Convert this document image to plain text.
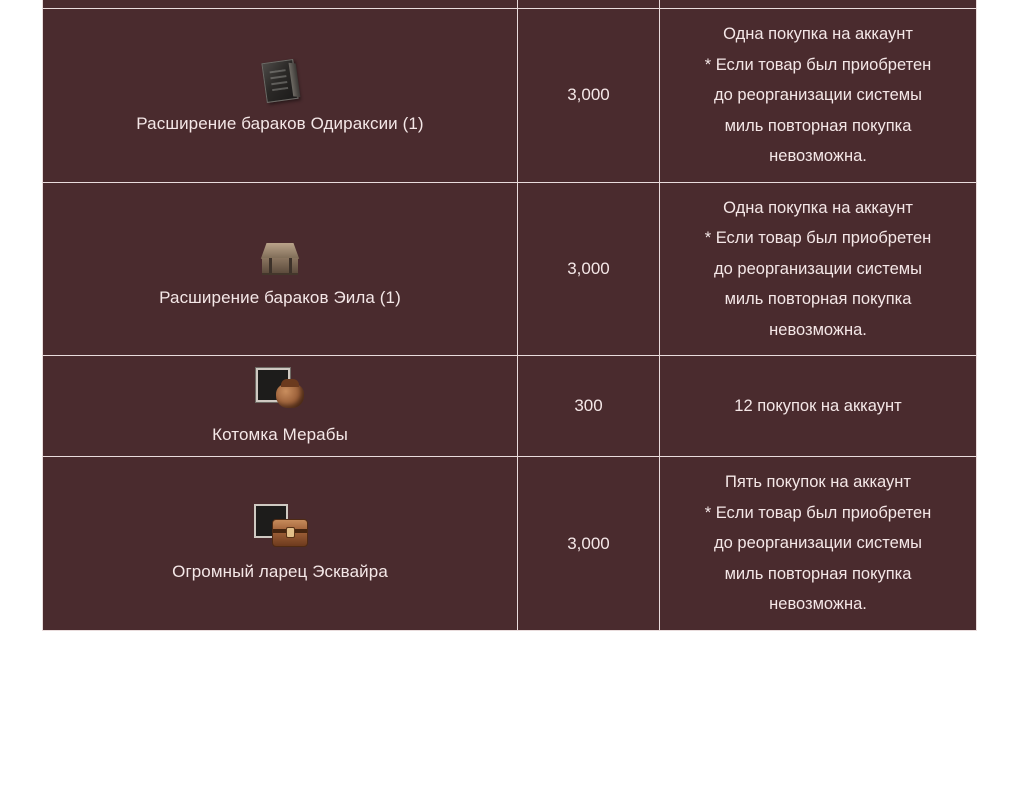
Расширение бараков Одираксии (1)	3,000	Одна покупка на аккаунт
* Если товар был приобретен
до реорганизации системы
миль повторная покупка
невозможна.

Расширение бараков Эила (1)	3,000	Одна покупка на аккаунт
* Если товар был приобретен
до реорганизации системы
миль повторная покупка
невозможна.

Котомка Мерабы	300	12 покупок на аккаунт

Огромный ларец Эсквайра	3,000	Пять покупок на аккаунт
* Если товар был приобретен
до реорганизации системы
миль повторная покупка
невозможна.
